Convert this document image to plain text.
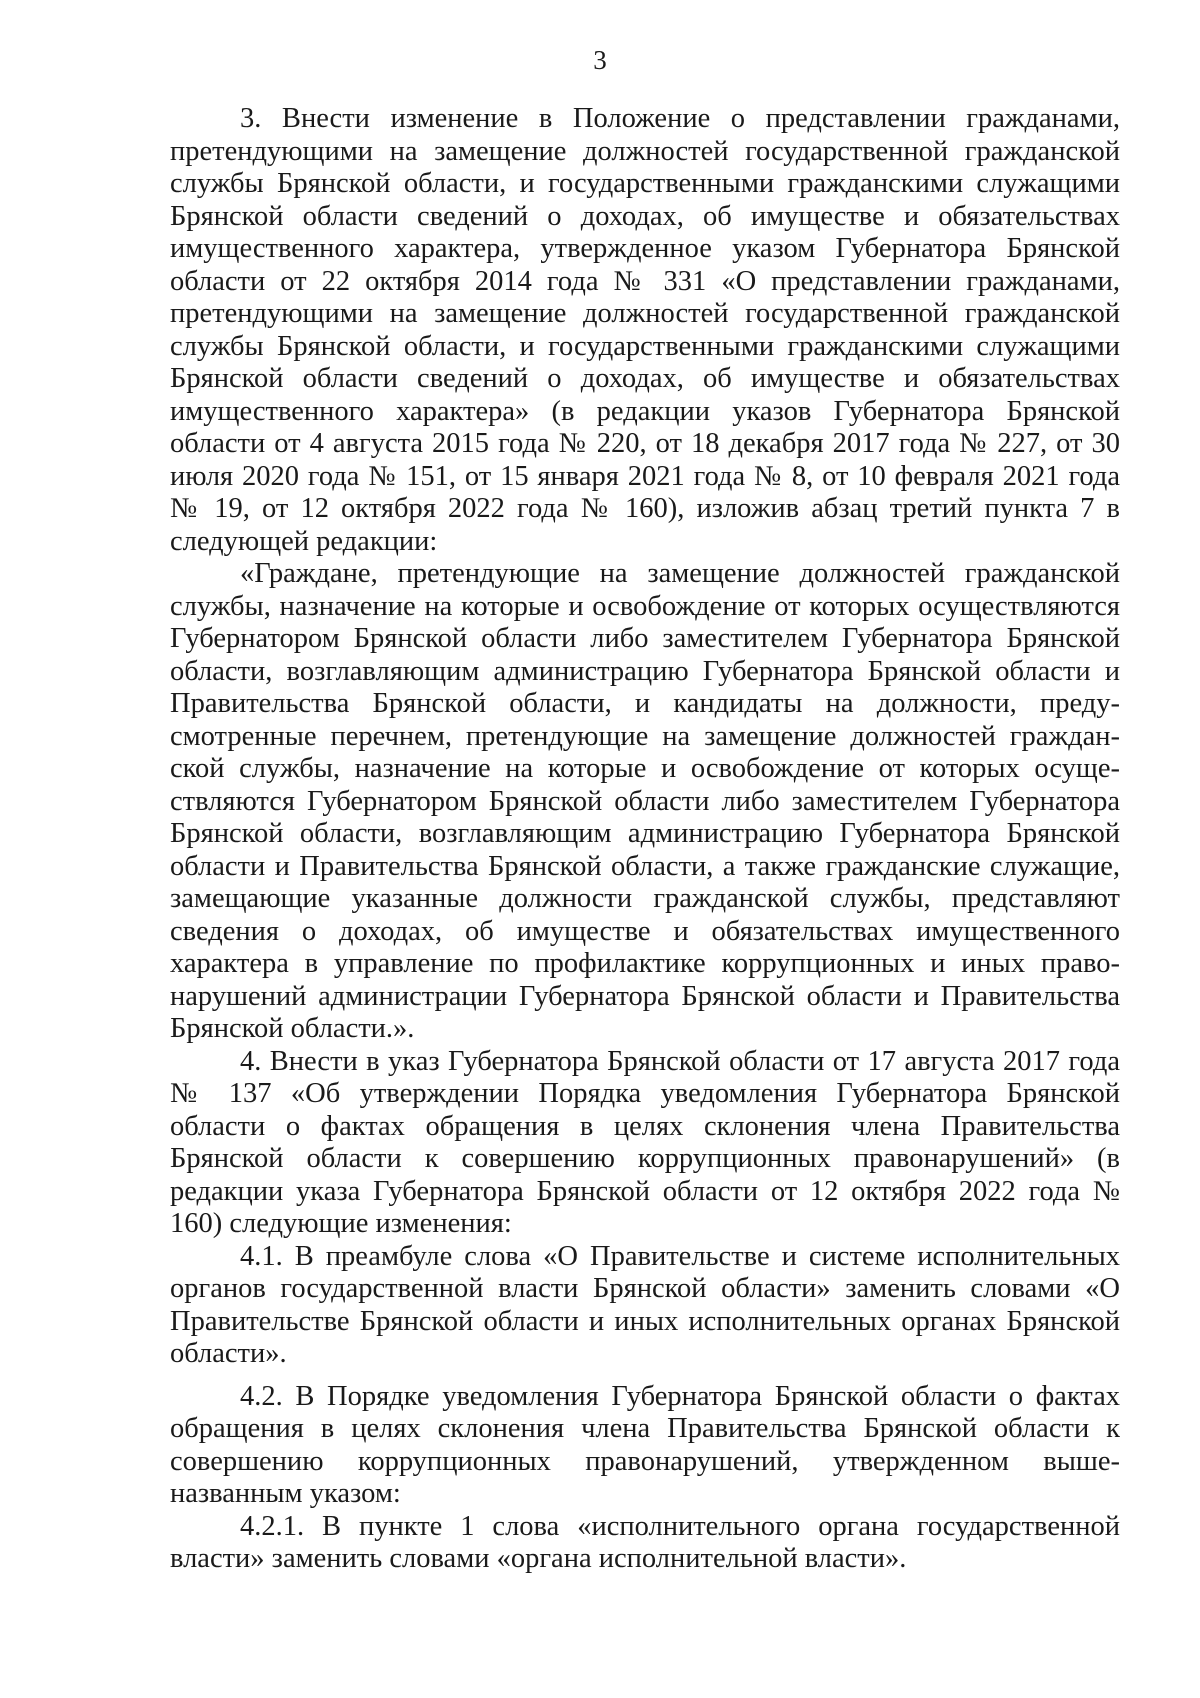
3

3. Внести изменение в Положение о представлении гражданами, претендующими на замещение должностей государственной гражданской службы Брянской области, и государственными гражданскими служащими Брянской области сведений о доходах, об имуществе и обязательствах имущественного характера, утвержденное указом Губернатора Брянской области от 22 октября 2014 года № 331 «О представлении гражданами, претендующими на замещение должностей государственной гражданской службы Брянской области, и государственными гражданскими служащими Брянской области сведений о доходах, об имуществе и обязательствах имущественного характера» (в редакции указов Губернатора Брянской области от 4 августа 2015 года № 220, от 18 декабря 2017 года № 227, от 30 июля 2020 года № 151, от 15 января 2021 года № 8, от 10 февраля 2021 года № 19, от 12 октября 2022 года № 160), изложив абзац третий пункта 7 в следующей редакции:

«Граждане, претендующие на замещение должностей гражданской службы, назначение на которые и освобождение от которых осуществляются Губернатором Брянской области либо заместителем Губернатора Брянской области, возглавляющим администрацию Губернатора Брянской области и Правительства Брянской области, и кандидаты на должности, предусмотренные перечнем, претендующие на замещение должностей гражданской службы, назначение на которые и освобождение от которых осуществляются Губернатором Брянской области либо заместителем Губернатора Брянской области, возглавляющим администрацию Губернатора Брянской области и Правительства Брянской области, а также гражданские служащие, замещающие указанные должности гражданской службы, представляют сведения о доходах, об имуществе и обязательствах имущественного характера в управление по профилактике коррупционных и иных правонарушений администрации Губернатора Брянской области и Правительства Брянской области.».

4. Внести в указ Губернатора Брянской области от 17 августа 2017 года № 137 «Об утверждении Порядка уведомления Губернатора Брянской области о фактах обращения в целях склонения члена Правительства Брянской области к совершению коррупционных правонарушений» (в редакции указа Губернатора Брянской области от 12 октября 2022 года № 160) следующие изменения:

4.1. В преамбуле слова «О Правительстве и системе исполнительных органов государственной власти Брянской области» заменить словами «О Правительстве Брянской области и иных исполнительных органах Брянской области».

4.2. В Порядке уведомления Губернатора Брянской области о фактах обращения в целях склонения члена Правительства Брянской области к совершению коррупционных правонарушений, утвержденном вышеназванным указом:

4.2.1. В пункте 1 слова «исполнительного органа государственной власти» заменить словами «органа исполнительной власти».
